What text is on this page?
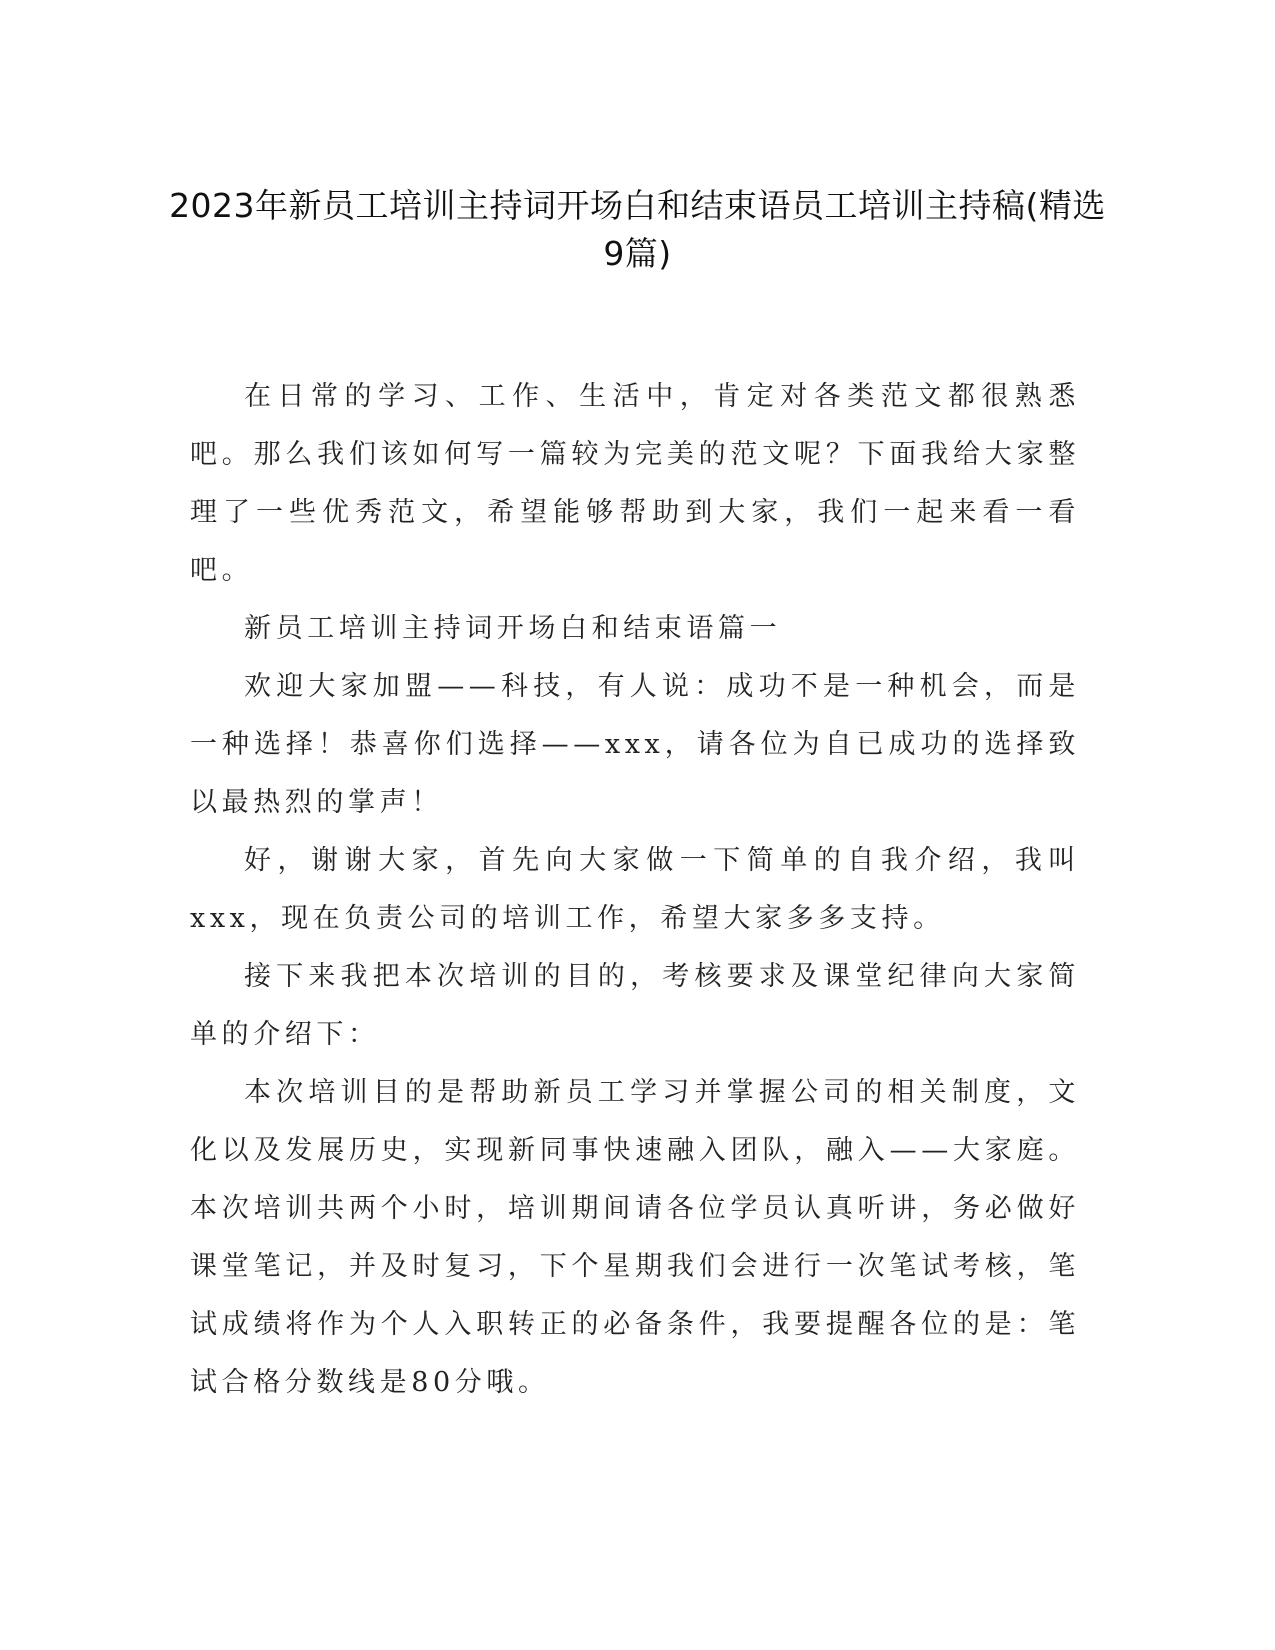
2023年新员工培训主持词开场白和结束语员工培训主持稿(精选9篇)

在日常的学习、工作、生活中，肯定对各类范文都很熟悉吧。那么我们该如何写一篇较为完美的范文呢？下面我给大家整理了一些优秀范文，希望能够帮助到大家，我们一起来看一看吧。

新员工培训主持词开场白和结束语篇一

欢迎大家加盟——科技，有人说：成功不是一种机会，而是一种选择！恭喜你们选择——xxx，请各位为自已成功的选择致以最热烈的掌声！

好，谢谢大家，首先向大家做一下简单的自我介绍，我叫xxx，现在负责公司的培训工作，希望大家多多支持。

接下来我把本次培训的目的，考核要求及课堂纪律向大家简单的介绍下：

本次培训目的是帮助新员工学习并掌握公司的相关制度，文化以及发展历史，实现新同事快速融入团队，融入——大家庭。本次培训共两个小时，培训期间请各位学员认真听讲，务必做好课堂笔记，并及时复习，下个星期我们会进行一次笔试考核，笔试成绩将作为个人入职转正的必备条件，我要提醒各位的是：笔试合格分数线是80分哦。
